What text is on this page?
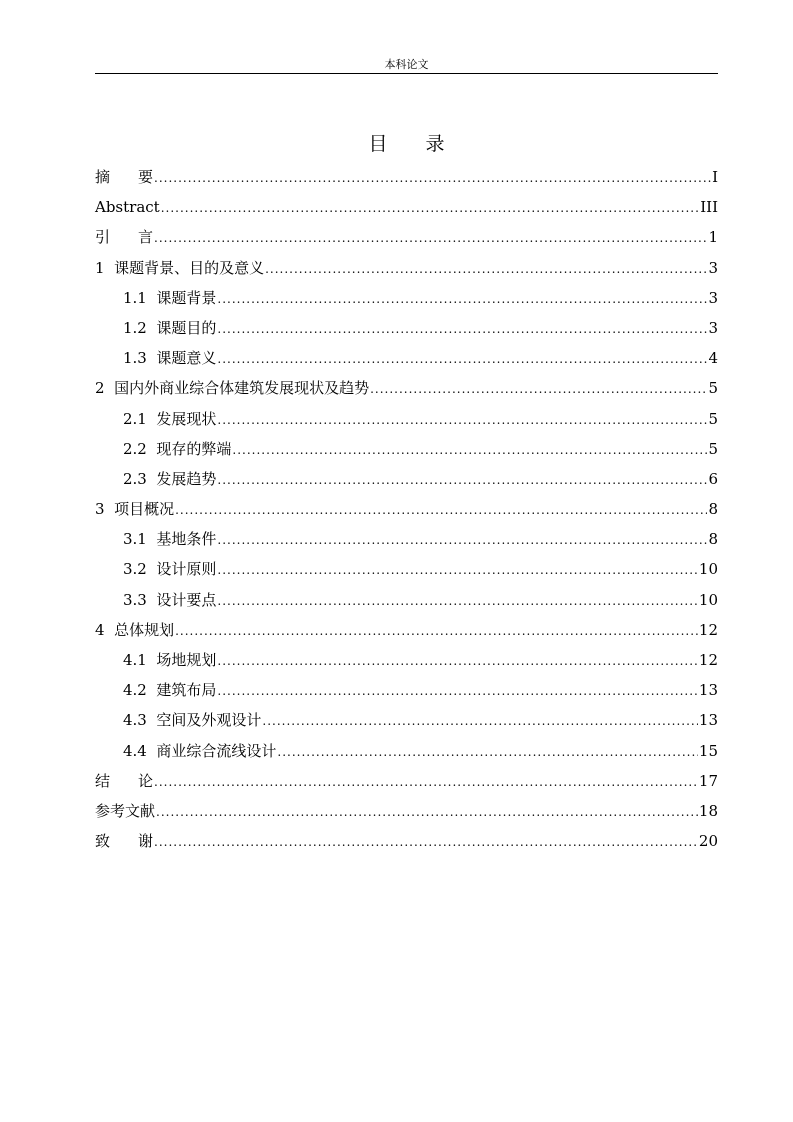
本科论文
目 录
摘 要 .....	I
Abstract .....	III
引 言 .....	1
1  课题背景、目的及意义 .....	3
1.1  课题背景 .....	3
1.2  课题目的 .....	3
1.3  课题意义 .....	4
2  国内外商业综合体建筑发展现状及趋势 .....	5
2.1  发展现状 .....	5
2.2  现存的弊端 .....	5
2.3  发展趋势 .....	6
3  项目概况 .....	8
3.1  基地条件 .....	8
3.2  设计原则 .....	10
3.3  设计要点 .....	10
4  总体规划 .....	12
4.1  场地规划 .....	12
4.2  建筑布局 .....	13
4.3  空间及外观设计 .....	13
4.4  商业综合流线设计 .....	15
结 论 .....	17
参考文献 .....	18
致 谢 .....	20
